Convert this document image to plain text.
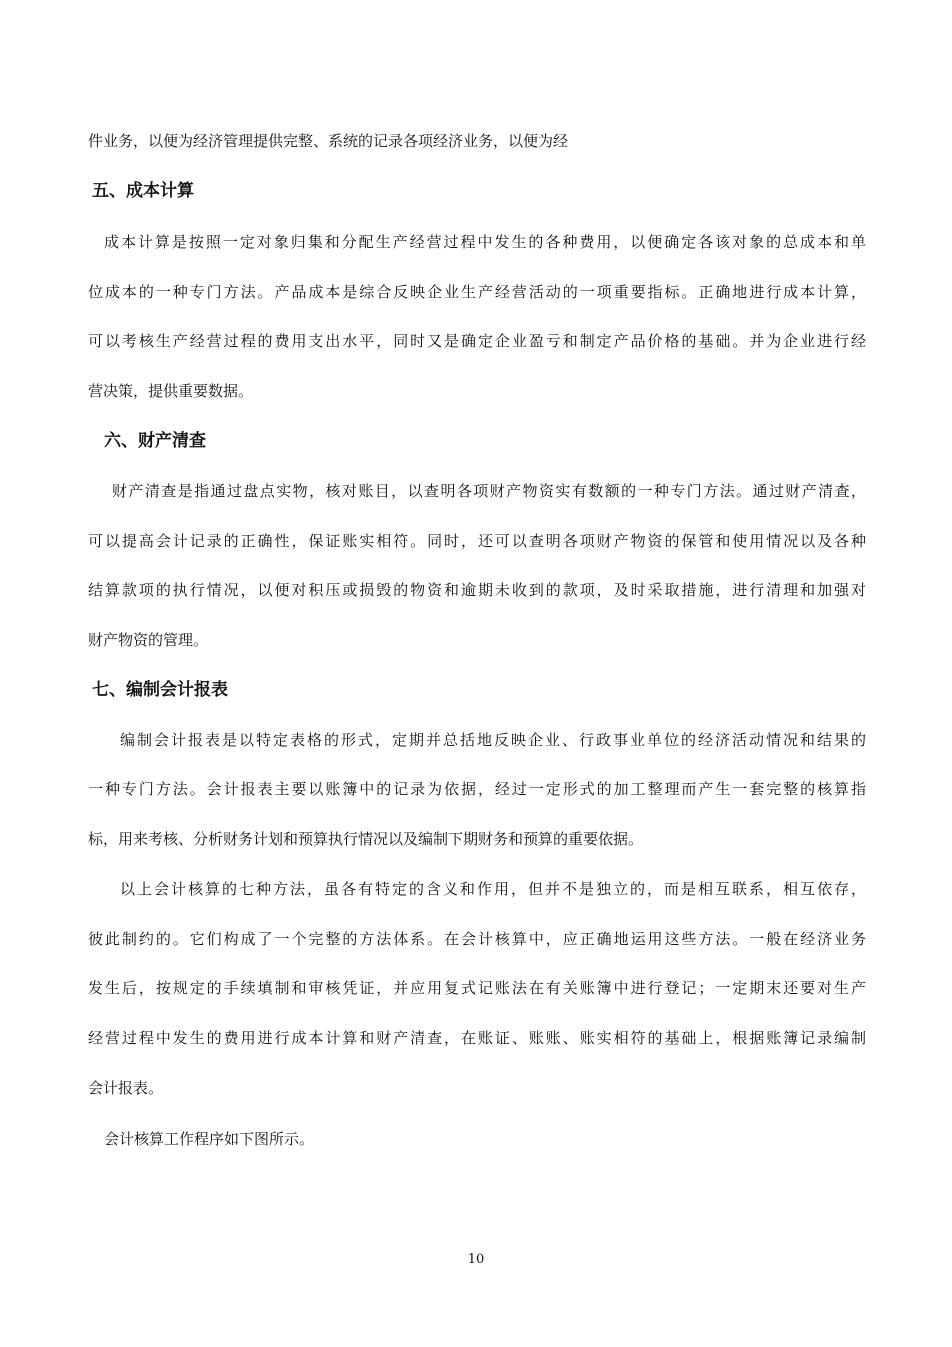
件业务，以便为经济管理提供完整、系统的记录各项经济业务，以便为经
五、成本计算
成本计算是按照一定对象归集和分配生产经营过程中发生的各种费用，以便确定各该对象的总成本和单
位成本的一种专门方法。产品成本是综合反映企业生产经营活动的一项重要指标。正确地进行成本计算，
可以考核生产经营过程的费用支出水平，同时又是确定企业盈亏和制定产品价格的基础。并为企业进行经
营决策，提供重要数据。
六、财产清查
财产清查是指通过盘点实物，核对账目，以查明各项财产物资实有数额的一种专门方法。通过财产清查，
可以提高会计记录的正确性，保证账实相符。同时，还可以查明各项财产物资的保管和使用情况以及各种
结算款项的执行情况，以便对积压或损毁的物资和逾期未收到的款项，及时采取措施，进行清理和加强对
财产物资的管理。
七、编制会计报表
编制会计报表是以特定表格的形式，定期并总括地反映企业、行政事业单位的经济活动情况和结果的
一种专门方法。会计报表主要以账簿中的记录为依据，经过一定形式的加工整理而产生一套完整的核算指
标，用来考核、分析财务计划和预算执行情况以及编制下期财务和预算的重要依据。
以上会计核算的七种方法，虽各有特定的含义和作用，但并不是独立的，而是相互联系，相互依存，
彼此制约的。它们构成了一个完整的方法体系。在会计核算中，应正确地运用这些方法。一般在经济业务
发生后，按规定的手续填制和审核凭证，并应用复式记账法在有关账簿中进行登记；一定期末还要对生产
经营过程中发生的费用进行成本计算和财产清查，在账证、账账、账实相符的基础上，根据账簿记录编制
会计报表。
会计核算工作程序如下图所示。
10
